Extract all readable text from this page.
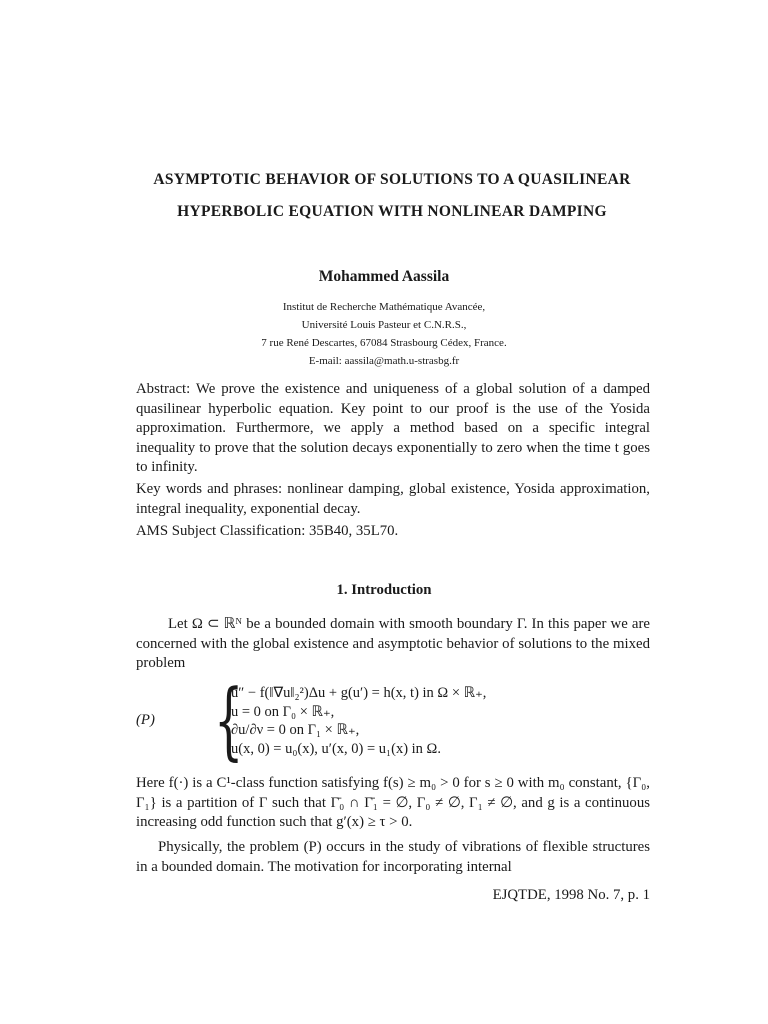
ASYMPTOTIC BEHAVIOR OF SOLUTIONS TO A QUASILINEAR HYPERBOLIC EQUATION WITH NONLINEAR DAMPING
Mohammed Aassila
Institut de Recherche Mathématique Avancée,
Université Louis Pasteur et C.N.R.S.,
7 rue René Descartes, 67084 Strasbourg Cédex, France.
E-mail: aassila@math.u-strasbg.fr

Abstract: We prove the existence and uniqueness of a global solution of a damped quasilinear hyperbolic equation. Key point to our proof is the use of the Yosida approximation. Furthermore, we apply a method based on a specific integral inequality to prove that the solution decays exponentially to zero when the time t goes to infinity.

Key words and phrases: nonlinear damping, global existence, Yosida approximation, integral inequality, exponential decay.

AMS Subject Classification: 35B40, 35L70.

1. Introduction

Let Ω ⊂ ℝᴺ be a bounded domain with smooth boundary Γ. In this paper we are concerned with the global existence and asymptotic behavior of solutions to the mixed problem

(P) {
u″ − f(‖∇u‖₂²)Δu + g(u′) = h(x, t) in Ω × ℝ₊,
u = 0 on Γ₀ × ℝ₊,
∂u/∂ν = 0 on Γ₁ × ℝ₊,
u(x, 0) = u₀(x), u′(x, 0) = u₁(x) in Ω.

Here f(·) is a C¹-class function satisfying f(s) ≥ m₀ > 0 for s ≥ 0 with m₀ constant, {Γ₀, Γ₁} is a partition of Γ such that Γ̄₀ ∩ Γ̄₁ = ∅, Γ₀ ≠ ∅, Γ₁ ≠ ∅, and g is a continuous increasing odd function such that g′(x) ≥ τ > 0.

Physically, the problem (P) occurs in the study of vibrations of flexible structures in a bounded domain. The motivation for incorporating internal

EJQTDE, 1998 No. 7, p. 1
